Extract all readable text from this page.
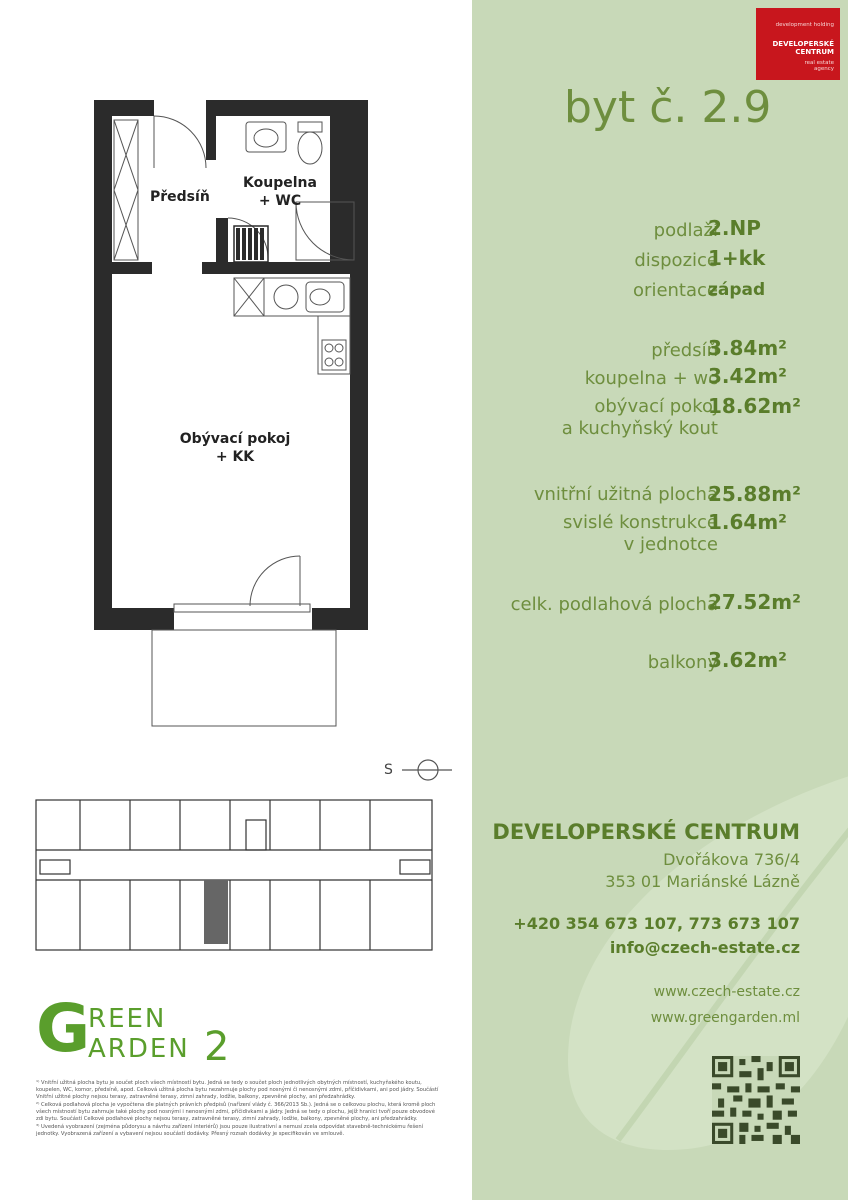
Předsíň
Koupelna
+ WC
Obývací pokoj
+ KK
S
G
REEN
ARDEN 2

¹⁾ Vnitřní užitná plocha bytu je součet ploch všech místností bytu. Jedná se tedy o součet ploch jednotlivých obytných místností, kuchyňského koutu, koupelen, WC, komor, předsíně, apod. Celková užitná plocha bytu nezahrnuje plochy pod nosnými či nenosnými zdmi, příčidivkami, ani pod jádry. Součástí Vnitřní užitné plochy nejsou terasy, zatravněné terasy, zimní zahrady, lodžie, balkony, zpevněné plochy, ani předzahrádky.

²⁾ Celková podlahová plocha je vypočtena dle platných právních předpisů (nařízení vlády č. 366/2013 Sb.). Jedná se o celkovou plochu, která kromě ploch všech místností bytu zahrnuje také plochy pod nosnými i nenosnými zdmi, příčidivkami a jádry. Jedná se tedy o plochu, jejíž hranici tvoří pouze obvodové zdi bytu. Součástí Celkové podlahové plochy nejsou terasy, zatravněné terasy, zimní zahrady, lodžie, balkony, zpevněné plochy, ani předzahrádky.

³⁾ Uvedená vyobrazení (zejména půdorysu a návrhu zařízení interiérů) jsou pouze ilustrativní a nemusí zcela odpovídat stavebně-technickému řešení jednotky. Vyobrazená zařízení a vybavení nejsou součástí dodávky. Přesný rozsah dodávky je specifikován ve smlouvě.

development holding
DEVELOPERSKÉ CENTRUM
real estate agency
byt č. 2.9
podlaží
2.NP
dispozice
1+kk
orientace
západ
předsíň
3.84m²
koupelna + wc
3.42m²
obývací pokoj
a kuchyňský kout
18.62m²
vnitřní užitná plocha
25.88m²
svislé konstrukce
v jednotce
1.64m²
celk. podlahová plocha
27.52m²
balkony
3.62m²
DEVELOPERSKÉ CENTRUM
Dvořákova 736/4
353 01 Mariánské Lázně
+420 354 673 107, 773 673 107
info@czech-estate.cz
www.czech-estate.cz
www.greengarden.ml
